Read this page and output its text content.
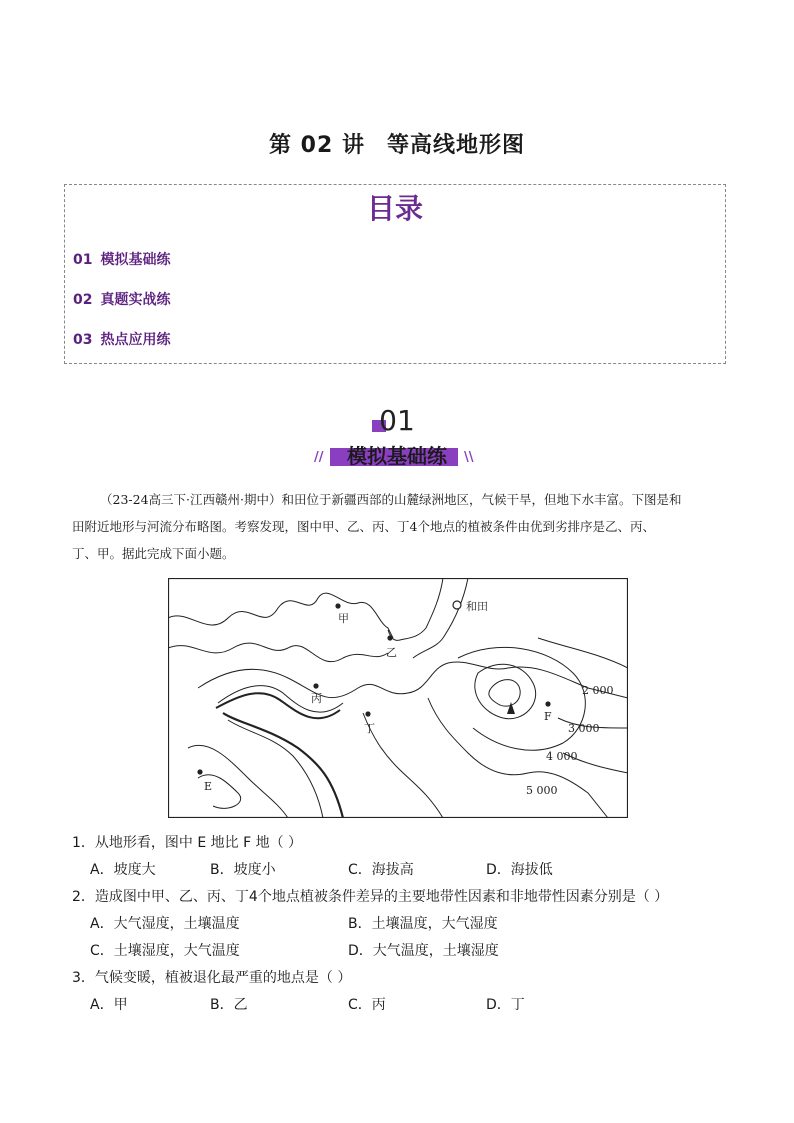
第 02 讲 等高线地形图
目录
01 模拟基础练
02 真题实战练
03 热点应用练
01
//	\\
模拟基础练
（23-24高三下·江西赣州·期中）和田位于新疆西部的山麓绿洲地区，气候干旱，但地下水丰富。下图是和
田附近地形与河流分布略图。考察发现，图中甲、乙、丙、丁4个地点的植被条件由优到劣排序是乙、丙、
丁、甲。据此完成下面小题。
甲
乙
丙
丁
和田
E
F
2 000
3 000
4 000
5 000
1．从地形看，图中 E 地比 F 地（ ）
A．坡度大	B．坡度小	C．海拔高	D．海拔低
2．造成图中甲、乙、丙、丁4个地点植被条件差异的主要地带性因素和非地带性因素分别是（ ）
A．大气湿度，土壤温度	B．土壤温度，大气湿度
C．土壤湿度，大气温度	D．大气温度，土壤湿度
3．气候变暖，植被退化最严重的地点是（ ）
A．甲	B．乙	C．丙	D．丁
